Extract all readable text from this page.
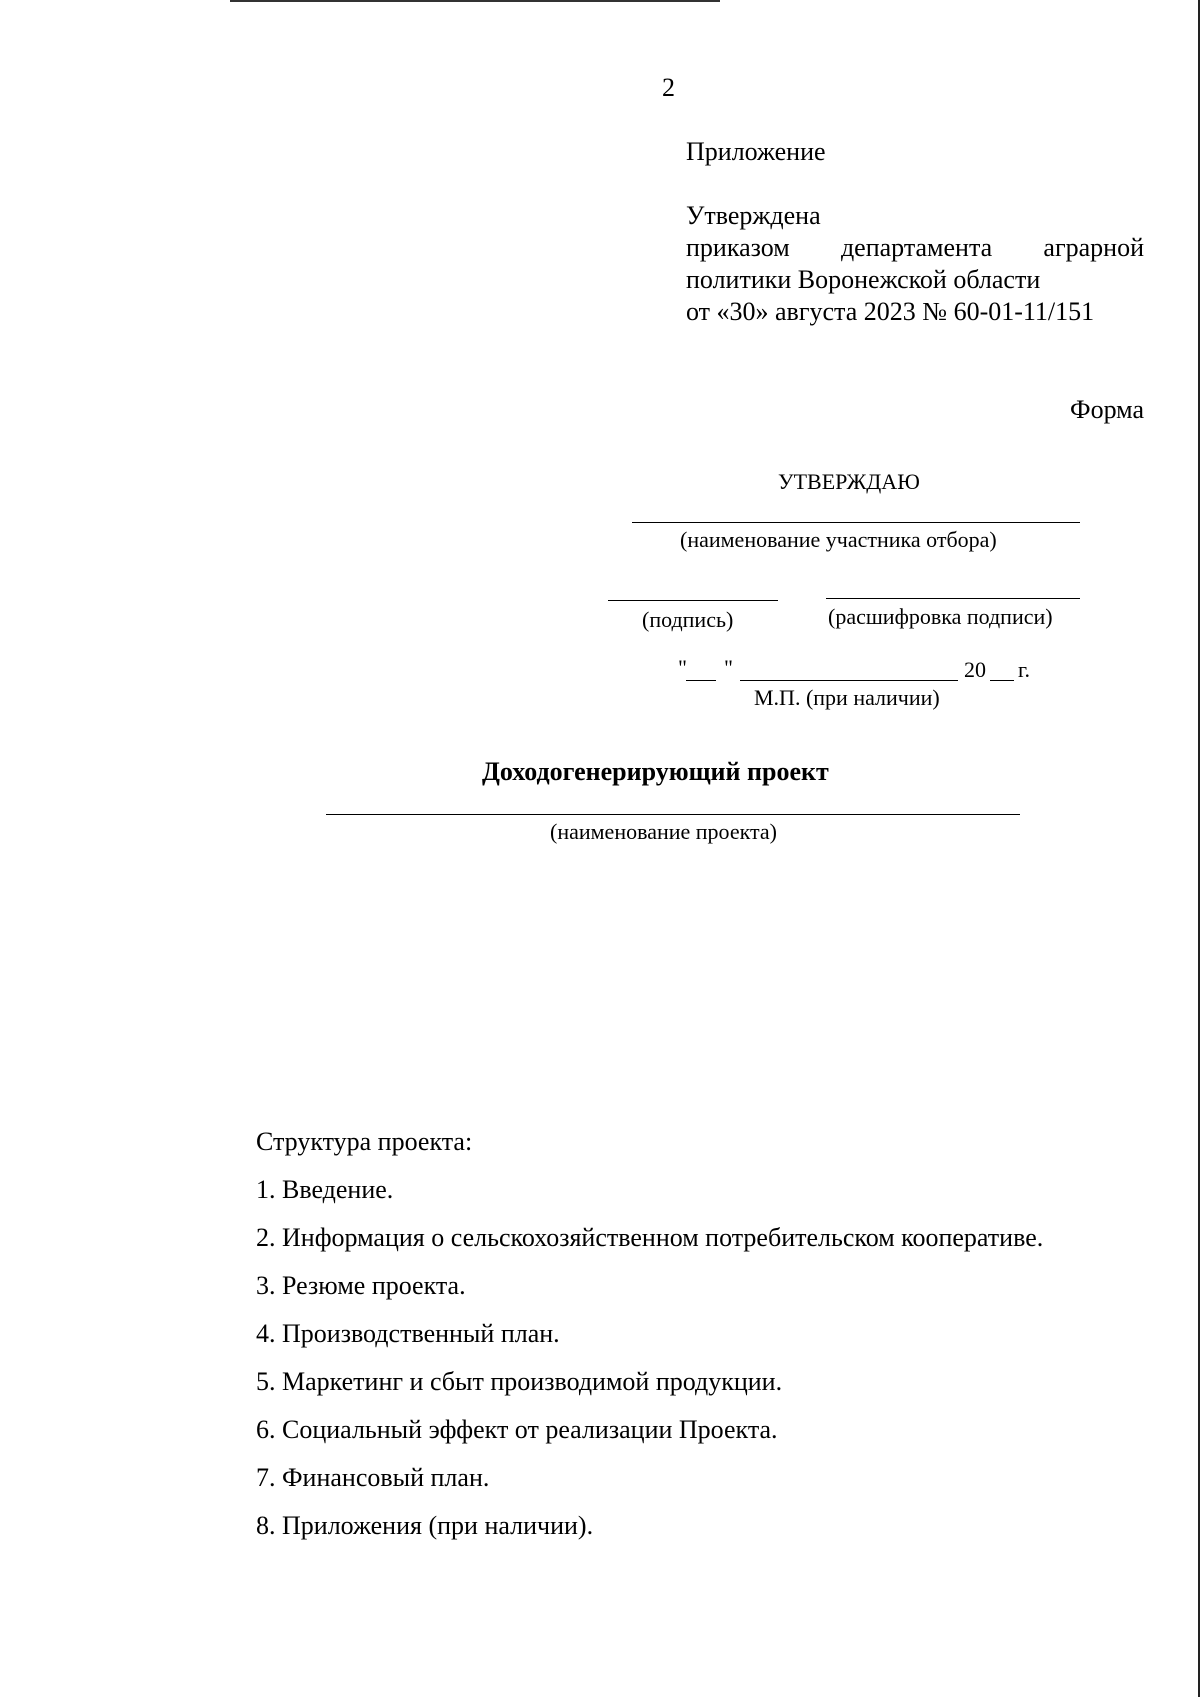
2
Приложение
Утверждена
приказом департамента аграрной
политики Воронежской области
от «30» августа 2023 № 60-01-11/151
Форма
УТВЕРЖДАЮ
(наименование участника отбора)
(подпись)	(расшифровка подписи)
" "	20 г.
М.П. (при наличии)
Доходогенерирующий проект
(наименование проекта)
Структура проекта:
1. Введение.
2. Информация о сельскохозяйственном потребительском кооперативе.
3. Резюме проекта.
4. Производственный план.
5. Маркетинг и сбыт производимой продукции.
6. Социальный эффект от реализации Проекта.
7. Финансовый план.
8. Приложения (при наличии).
